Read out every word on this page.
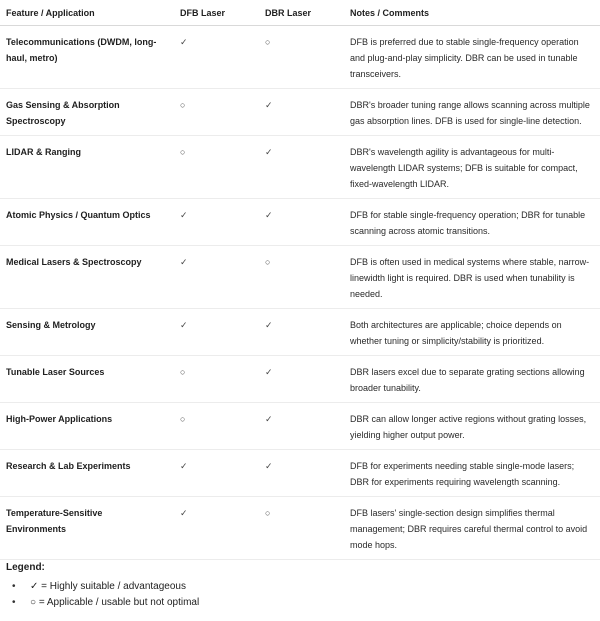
Feature / Application	DFB Laser	DBR Laser	Notes / Comments
Telecommunications (DWDM, long-haul, metro)	✓	○	DFB is preferred due to stable single-frequency operation and plug-and-play simplicity. DBR can be used in tunable transceivers.
Gas Sensing & Absorption Spectroscopy	○	✓	DBR's broader tuning range allows scanning across multiple gas absorption lines. DFB is used for single-line detection.
LIDAR & Ranging	○	✓	DBR's wavelength agility is advantageous for multi-wavelength LIDAR systems; DFB is suitable for compact, fixed-wavelength LIDAR.
Atomic Physics / Quantum Optics	✓	✓	DFB for stable single-frequency operation; DBR for tunable scanning across atomic transitions.
Medical Lasers & Spectroscopy	✓	○	DFB is often used in medical systems where stable, narrow-linewidth light is required. DBR is used when tunability is needed.
Sensing & Metrology	✓	✓	Both architectures are applicable; choice depends on whether tuning or simplicity/stability is prioritized.
Tunable Laser Sources	○	✓	DBR lasers excel due to separate grating sections allowing broader tunability.
High-Power Applications	○	✓	DBR can allow longer active regions without grating losses, yielding higher output power.
Research & Lab Experiments	✓	✓	DFB for experiments needing stable single-mode lasers; DBR for experiments requiring wavelength scanning.
Temperature-Sensitive Environments	✓	○	DFB lasers' single-section design simplifies thermal management; DBR requires careful thermal control to avoid mode hops.
Legend:
• ✓ = Highly suitable / advantageous
• ○ = Applicable / usable but not optimal
